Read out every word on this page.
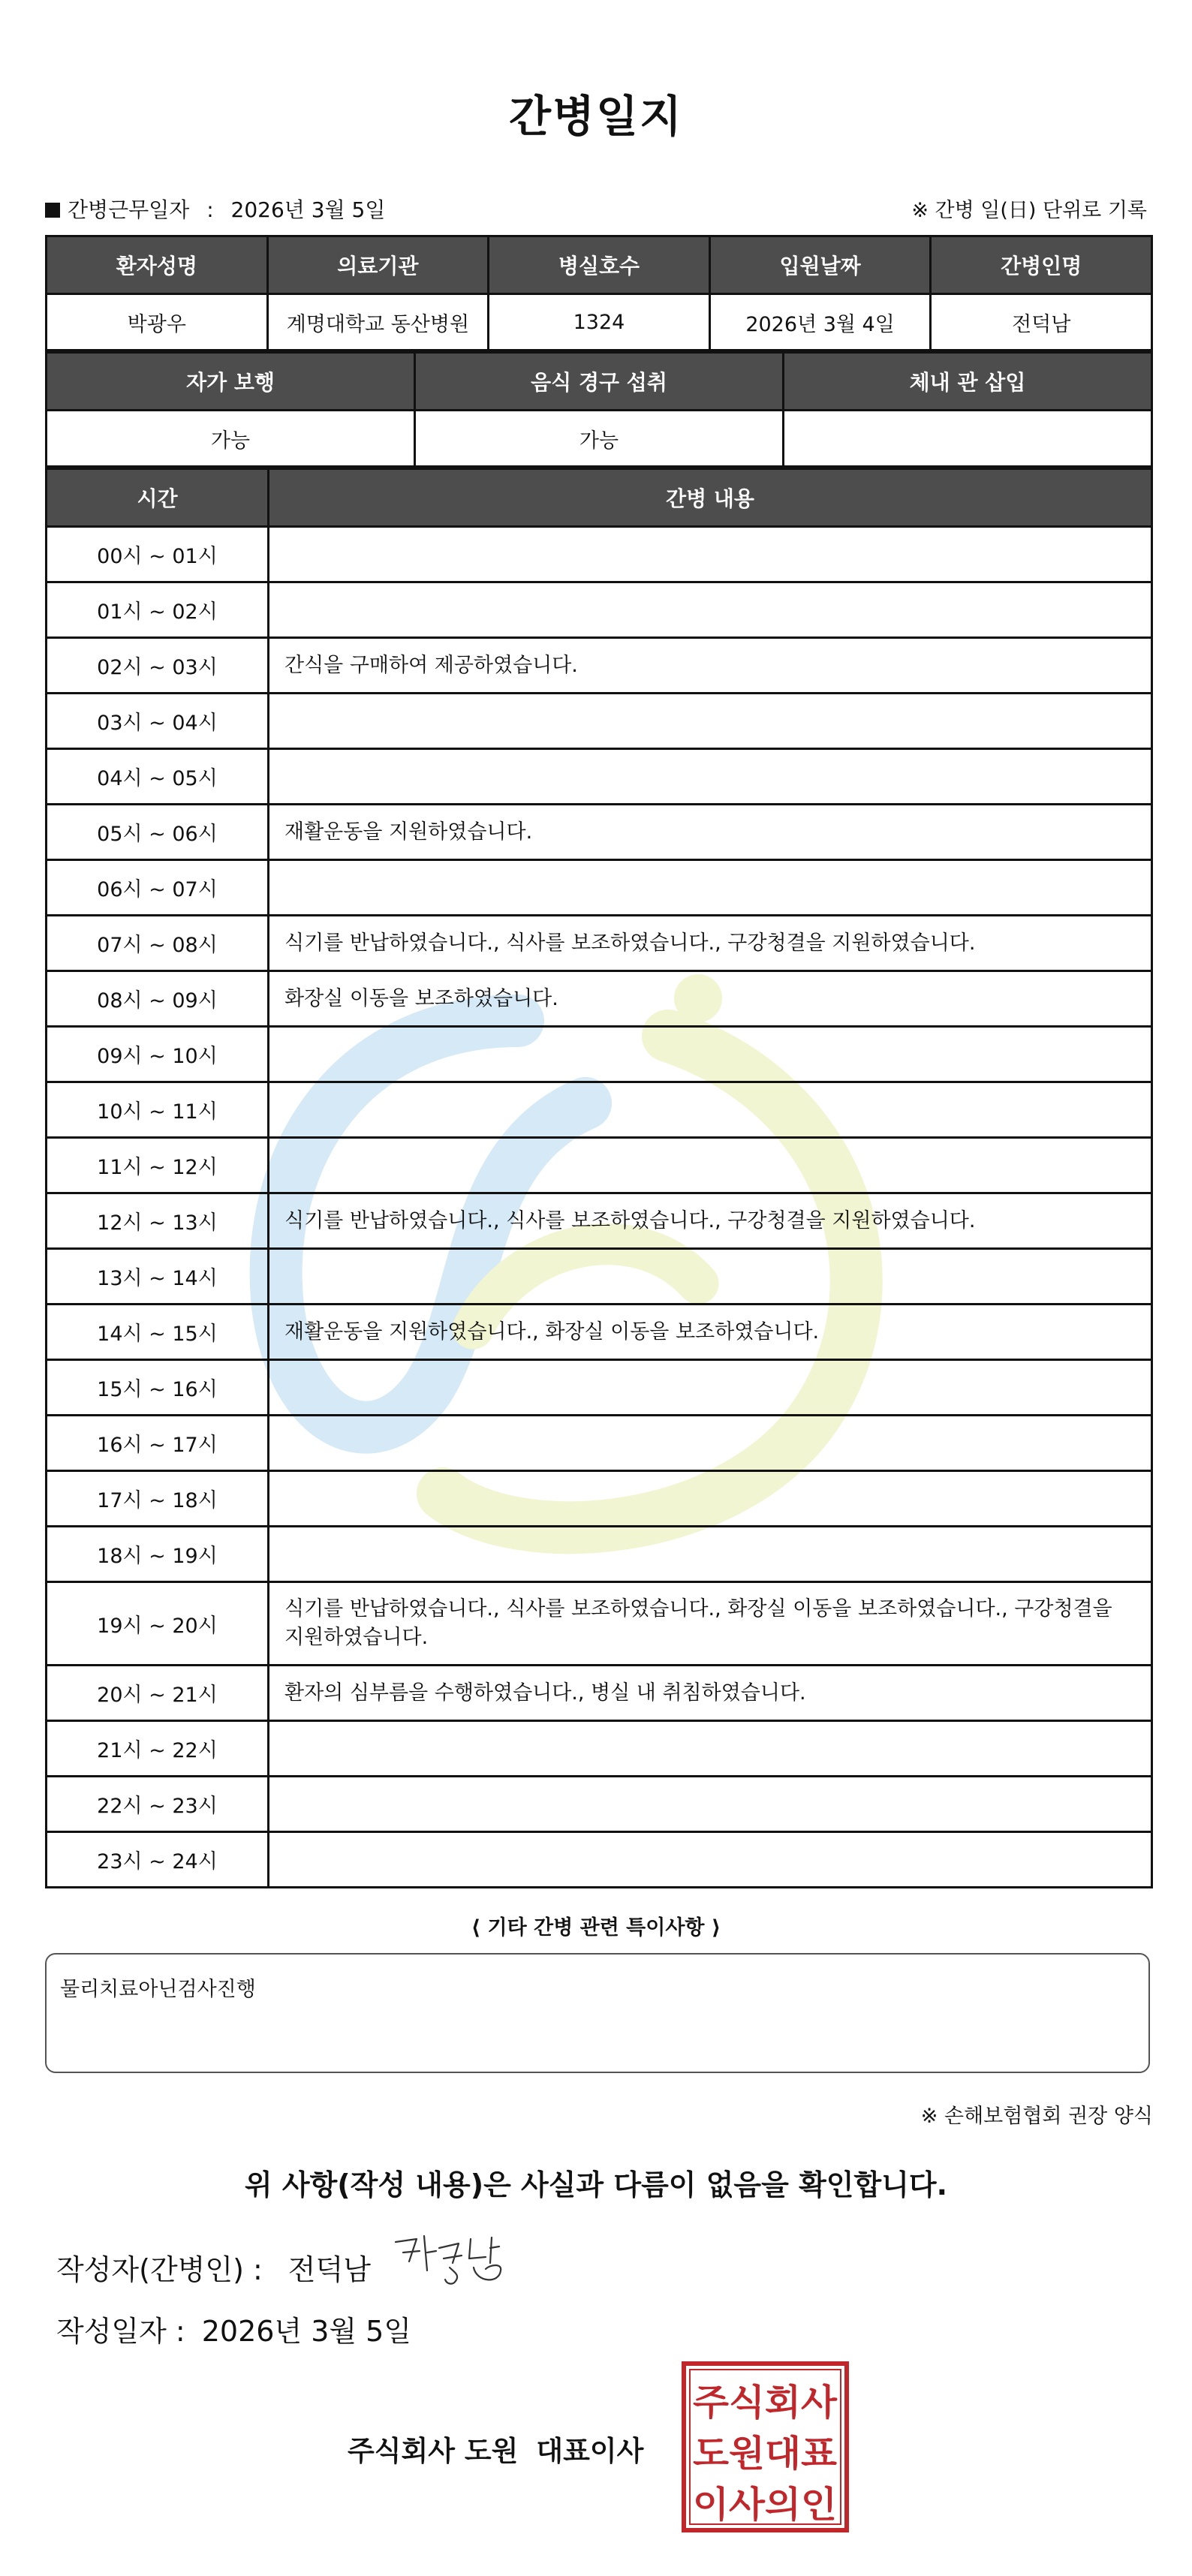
간병일지
간병근무일자 : 2026년 3월 5일	※ 간병 일(日) 단위로 기록
환자성명	의료기관	병실호수	입원날짜	간병인명
박광우	계명대학교 동산병원	1324	2026년 3월 4일	전덕남
자가 보행	음식 경구 섭취	체내 관 삽입
가능	가능	
시간	간병 내용
00시 ~ 01시	
01시 ~ 02시	
02시 ~ 03시	간식을 구매하여 제공하였습니다.
03시 ~ 04시	
04시 ~ 05시	
05시 ~ 06시	재활운동을 지원하였습니다.
06시 ~ 07시	
07시 ~ 08시	식기를 반납하였습니다., 식사를 보조하였습니다., 구강청결을 지원하였습니다.
08시 ~ 09시	화장실 이동을 보조하였습니다.
09시 ~ 10시	
10시 ~ 11시	
11시 ~ 12시	
12시 ~ 13시	식기를 반납하였습니다., 식사를 보조하였습니다., 구강청결을 지원하였습니다.
13시 ~ 14시	
14시 ~ 15시	재활운동을 지원하였습니다., 화장실 이동을 보조하였습니다.
15시 ~ 16시	
16시 ~ 17시	
17시 ~ 18시	
18시 ~ 19시	
19시 ~ 20시	식기를 반납하였습니다., 식사를 보조하였습니다., 화장실 이동을 보조하였습니다., 구강청결을 지원하였습니다.
20시 ~ 21시	환자의 심부름을 수행하였습니다., 병실 내 취침하였습니다.
21시 ~ 22시	
22시 ~ 23시	
23시 ~ 24시	
⟨ 기타 간병 관련 특이사항 ⟩
물리치료아닌검사진행
※ 손해보험협회 권장 양식
위 사항(작성 내용)은 사실과 다름이 없음을 확인합니다.
작성자(간병인) : 전덕남
작성일자 : 2026년 3월 5일
주식회사 도원 대표이사
주식회사
도원대표
이사의인
